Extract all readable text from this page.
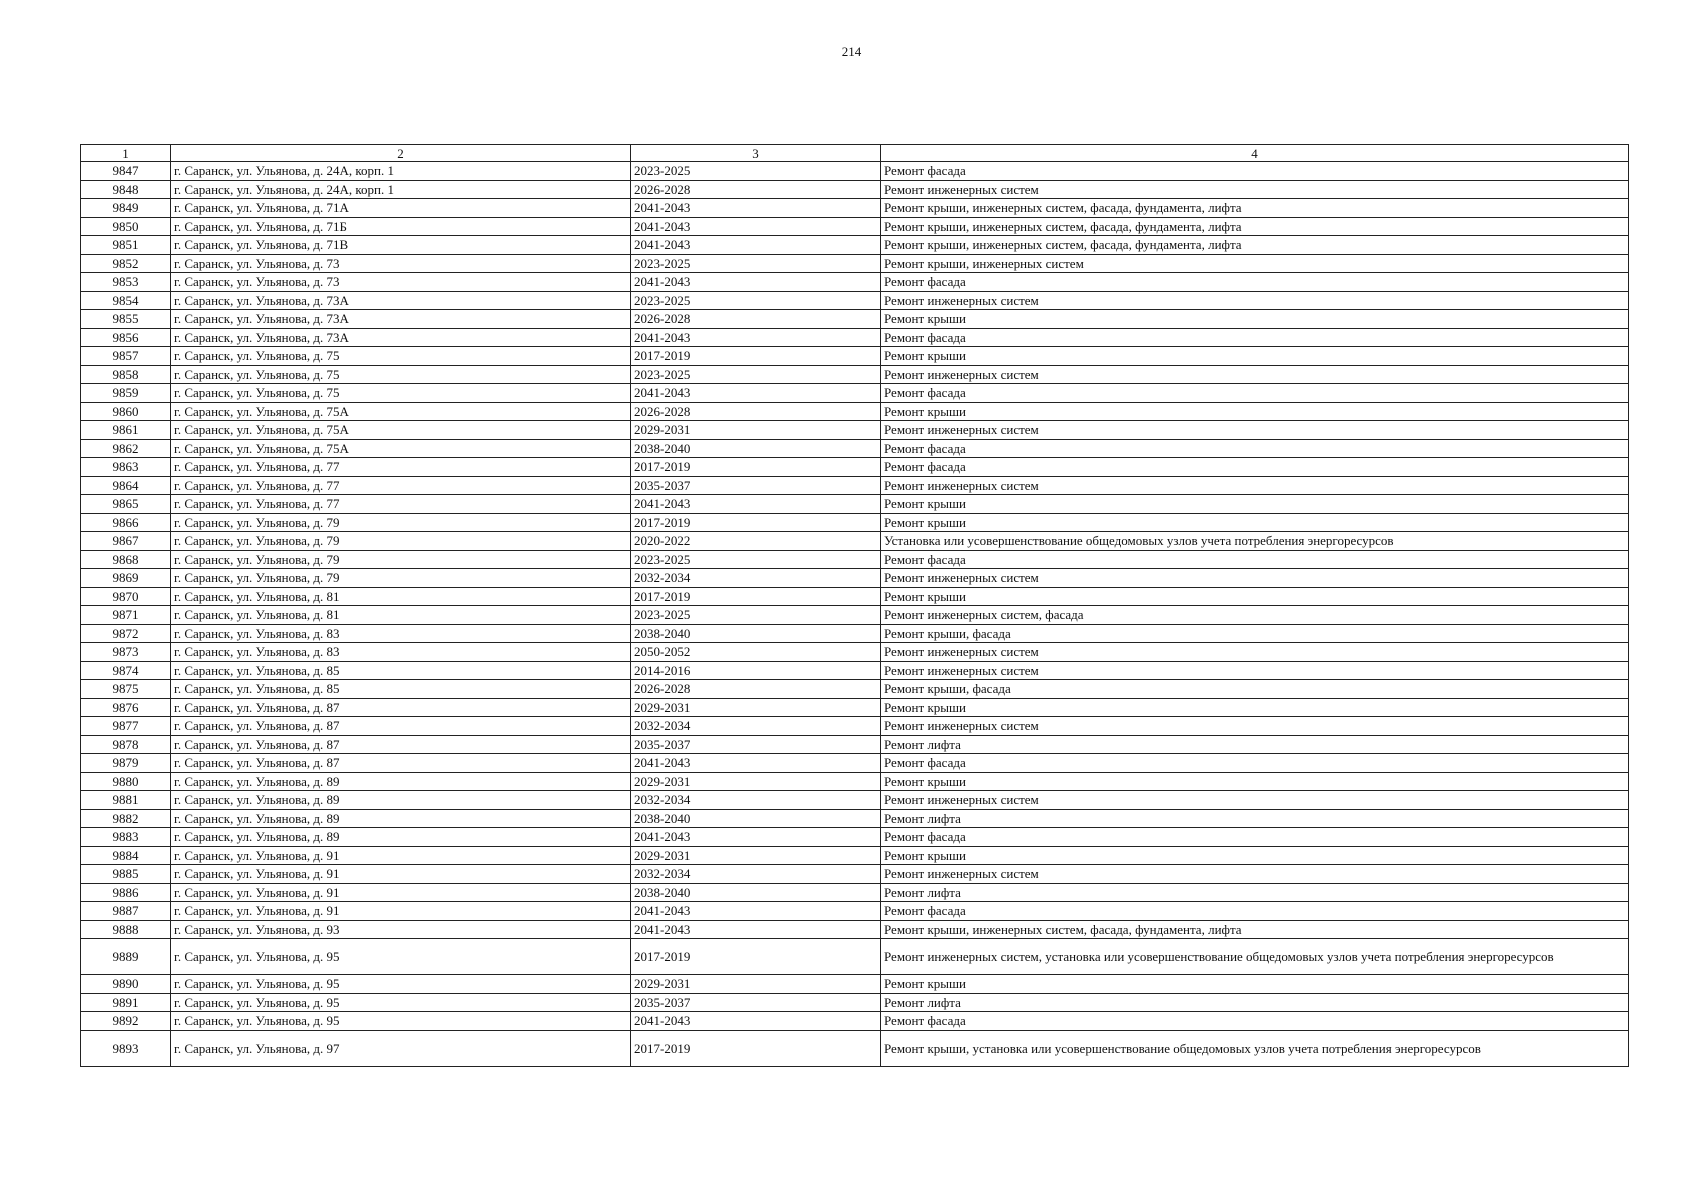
214
1	2	3	4
9847	г. Саранск, ул. Ульянова, д. 24А, корп. 1	2023-2025	Ремонт фасада
9848	г. Саранск, ул. Ульянова, д. 24А, корп. 1	2026-2028	Ремонт инженерных систем
9849	г. Саранск, ул. Ульянова, д. 71А	2041-2043	Ремонт крыши, инженерных систем, фасада, фундамента, лифта
9850	г. Саранск, ул. Ульянова, д. 71Б	2041-2043	Ремонт крыши, инженерных систем, фасада, фундамента, лифта
9851	г. Саранск, ул. Ульянова, д. 71В	2041-2043	Ремонт крыши, инженерных систем, фасада, фундамента, лифта
9852	г. Саранск, ул. Ульянова, д. 73	2023-2025	Ремонт крыши, инженерных систем
9853	г. Саранск, ул. Ульянова, д. 73	2041-2043	Ремонт фасада
9854	г. Саранск, ул. Ульянова, д. 73А	2023-2025	Ремонт инженерных систем
9855	г. Саранск, ул. Ульянова, д. 73А	2026-2028	Ремонт крыши
9856	г. Саранск, ул. Ульянова, д. 73А	2041-2043	Ремонт фасада
9857	г. Саранск, ул. Ульянова, д. 75	2017-2019	Ремонт крыши
9858	г. Саранск, ул. Ульянова, д. 75	2023-2025	Ремонт инженерных систем
9859	г. Саранск, ул. Ульянова, д. 75	2041-2043	Ремонт фасада
9860	г. Саранск, ул. Ульянова, д. 75А	2026-2028	Ремонт крыши
9861	г. Саранск, ул. Ульянова, д. 75А	2029-2031	Ремонт инженерных систем
9862	г. Саранск, ул. Ульянова, д. 75А	2038-2040	Ремонт фасада
9863	г. Саранск, ул. Ульянова, д. 77	2017-2019	Ремонт фасада
9864	г. Саранск, ул. Ульянова, д. 77	2035-2037	Ремонт инженерных систем
9865	г. Саранск, ул. Ульянова, д. 77	2041-2043	Ремонт крыши
9866	г. Саранск, ул. Ульянова, д. 79	2017-2019	Ремонт крыши
9867	г. Саранск, ул. Ульянова, д. 79	2020-2022	Установка или усовершенствование общедомовых узлов учета потребления энергоресурсов
9868	г. Саранск, ул. Ульянова, д. 79	2023-2025	Ремонт фасада
9869	г. Саранск, ул. Ульянова, д. 79	2032-2034	Ремонт инженерных систем
9870	г. Саранск, ул. Ульянова, д. 81	2017-2019	Ремонт крыши
9871	г. Саранск, ул. Ульянова, д. 81	2023-2025	Ремонт инженерных систем, фасада
9872	г. Саранск, ул. Ульянова, д. 83	2038-2040	Ремонт крыши, фасада
9873	г. Саранск, ул. Ульянова, д. 83	2050-2052	Ремонт инженерных систем
9874	г. Саранск, ул. Ульянова, д. 85	2014-2016	Ремонт инженерных систем
9875	г. Саранск, ул. Ульянова, д. 85	2026-2028	Ремонт крыши, фасада
9876	г. Саранск, ул. Ульянова, д. 87	2029-2031	Ремонт крыши
9877	г. Саранск, ул. Ульянова, д. 87	2032-2034	Ремонт инженерных систем
9878	г. Саранск, ул. Ульянова, д. 87	2035-2037	Ремонт лифта
9879	г. Саранск, ул. Ульянова, д. 87	2041-2043	Ремонт фасада
9880	г. Саранск, ул. Ульянова, д. 89	2029-2031	Ремонт крыши
9881	г. Саранск, ул. Ульянова, д. 89	2032-2034	Ремонт инженерных систем
9882	г. Саранск, ул. Ульянова, д. 89	2038-2040	Ремонт лифта
9883	г. Саранск, ул. Ульянова, д. 89	2041-2043	Ремонт фасада
9884	г. Саранск, ул. Ульянова, д. 91	2029-2031	Ремонт крыши
9885	г. Саранск, ул. Ульянова, д. 91	2032-2034	Ремонт инженерных систем
9886	г. Саранск, ул. Ульянова, д. 91	2038-2040	Ремонт лифта
9887	г. Саранск, ул. Ульянова, д. 91	2041-2043	Ремонт фасада
9888	г. Саранск, ул. Ульянова, д. 93	2041-2043	Ремонт крыши, инженерных систем, фасада, фундамента, лифта
9889	г. Саранск, ул. Ульянова, д. 95	2017-2019	Ремонт инженерных систем, установка или усовершенствование общедомовых узлов учета потребления энергоресурсов
9890	г. Саранск, ул. Ульянова, д. 95	2029-2031	Ремонт крыши
9891	г. Саранск, ул. Ульянова, д. 95	2035-2037	Ремонт лифта
9892	г. Саранск, ул. Ульянова, д. 95	2041-2043	Ремонт фасада
9893	г. Саранск, ул. Ульянова, д. 97	2017-2019	Ремонт крыши, установка или усовершенствование общедомовых узлов учета потребления энергоресурсов
